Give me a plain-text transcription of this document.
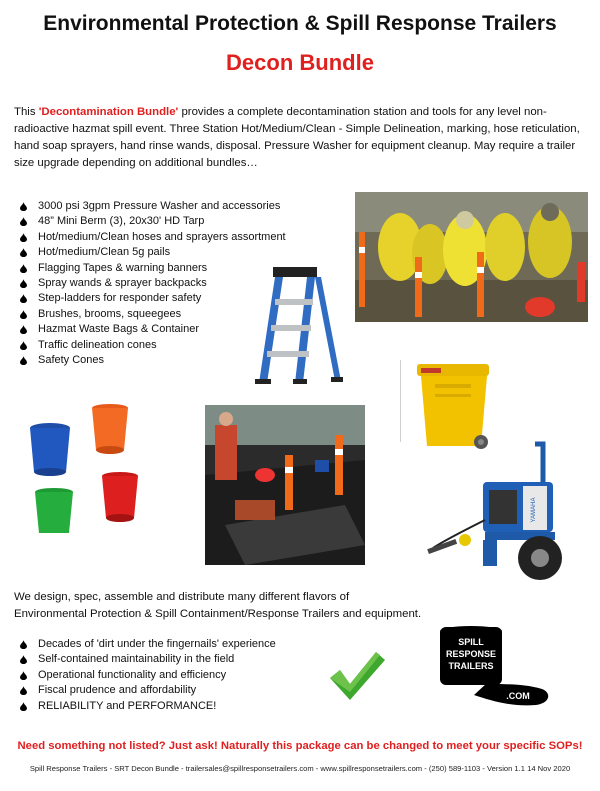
Environmental Protection & Spill Response Trailers
Decon Bundle
This 'Decontamination Bundle' provides a complete decontamination station and tools for any level non-radioactive hazmat spill event. Three Station Hot/Medium/Clean - Simple Delineation, marking, hose reticulation, hand soap sprayers, hand rinse wands, disposal. Pressure Washer for equipment cleanup. May require a trailer size upgrade depending on additional bundles…
3000 psi 3gpm Pressure Washer and accessories
48” Mini Berm (3), 20x30' HD Tarp
Hot/medium/Clean hoses and sprayers assortment
Hot/medium/Clean 5g pails
Flagging Tapes & warning banners
Spray wands & sprayer backpacks
Step-ladders for responder safety
Brushes, brooms, squeegees
Hazmat Waste Bags & Container
Traffic delineation cones
Safety Cones
YAMAHA
We design, spec, assemble and distribute many different flavors of
Environmental Protection & Spill Containment/Response Trailers and equipment.
Decades of 'dirt under the fingernails' experience
Self-contained maintainability in the field
Operational functionality and efficiency
Fiscal prudence and affordability
RELIABILITY and PERFORMANCE!
SPILL
RESPONSE
TRAILERS
.COM
Need something not listed? Just ask! Naturally this package can be changed to meet your specific SOPs!
Spill Response Trailers - SRT Decon Bundle - trailersales@spillresponsetrailers.com - www.spillresponsetrailers.com - (250) 589-1103 - Version 1.1 14 Nov 2020
